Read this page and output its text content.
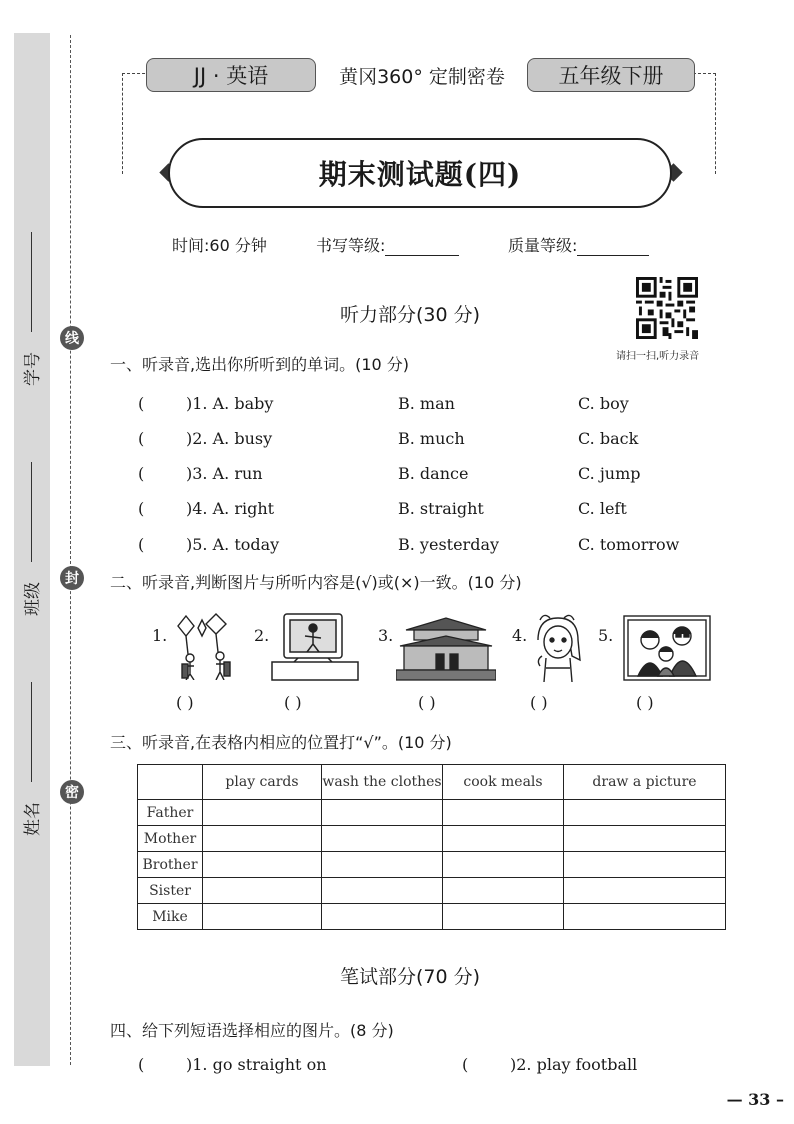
学号
班级
姓名
线
封
密
JJ · 英语	黄冈360° 定制密卷	五年级下册
期末测试题(四)
时间:60 分钟	书写等级:	质量等级:
听力部分(30 分)
请扫一扫,听力录音
一、听录音,选出你所听到的单词。(10 分)
(	)1. A. baby	B. man	C. boy
(	)2. A. busy	B. much	C. back
(	)3. A. run	B. dance	C. jump
(	)4. A. right	B. straight	C. left
(	)5. A. today	B. yesterday	C. tomorrow
二、听录音,判断图片与所听内容是(√)或(×)一致。(10 分)
1.
( )
2.
( )
3.
( )
4.
( )
5.
( )
三、听录音,在表格内相应的位置打“√”。(10 分)
	play cards	wash the clothes	cook meals	draw a picture
Father				
Mother				
Brother				
Sister				
Mike				
笔试部分(70 分)
四、给下列短语选择相应的图片。(8 分)
(	)1. go straight on	(	)2. play football
— 33 –
